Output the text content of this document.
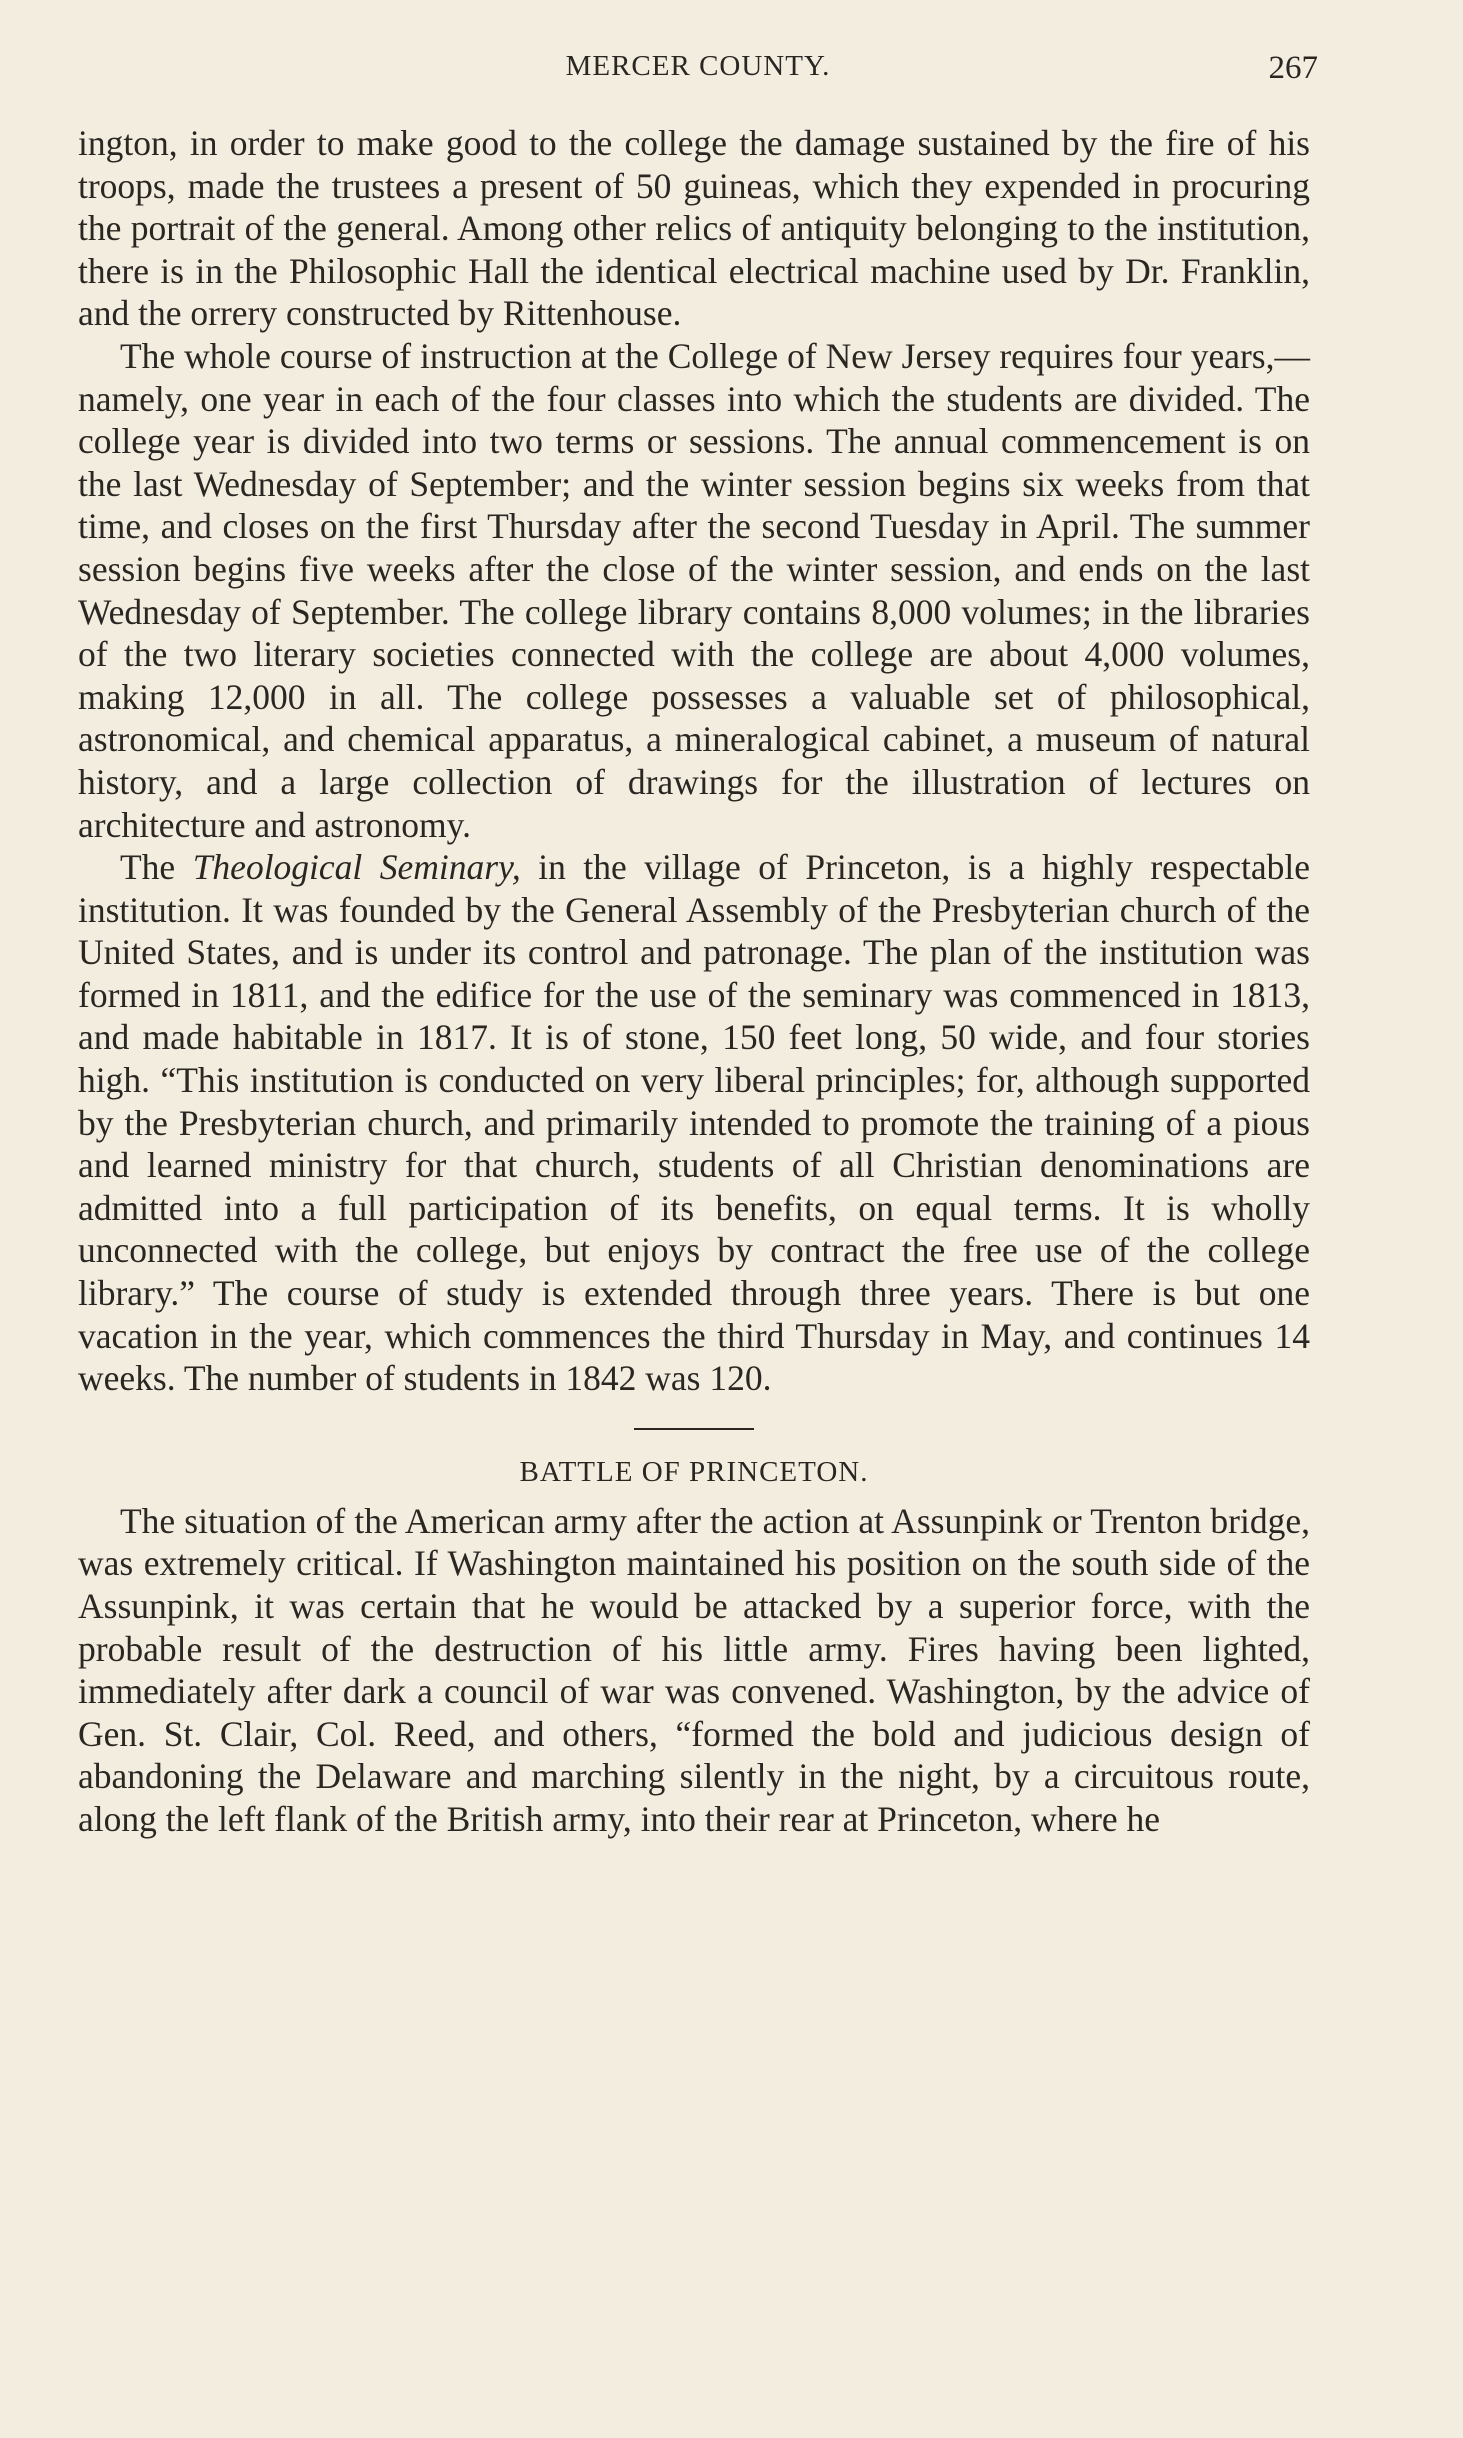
MERCER COUNTY.	267

ington, in order to make good to the college the damage sustained by the fire of his troops, made the trustees a present of 50 guineas, which they expended in procuring the portrait of the general. Among other relics of antiquity belonging to the institution, there is in the Philosophic Hall the identical electrical machine used by Dr. Franklin, and the orrery constructed by Rittenhouse.

The whole course of instruction at the College of New Jersey requires four years,—namely, one year in each of the four classes into which the students are divided. The college year is divided into two terms or sessions. The annual commencement is on the last Wednesday of September; and the winter session begins six weeks from that time, and closes on the first Thursday after the second Tuesday in April. The summer session begins five weeks after the close of the winter session, and ends on the last Wednesday of September. The college library contains 8,000 volumes; in the libraries of the two literary societies connected with the college are about 4,000 volumes, making 12,000 in all. The college possesses a valuable set of philosophical, astronomical, and chemical apparatus, a mineralogical cabinet, a museum of natural history, and a large collection of drawings for the illustration of lectures on architecture and astronomy.

The Theological Seminary, in the village of Princeton, is a highly respectable institution. It was founded by the General Assembly of the Presbyterian church of the United States, and is under its control and patronage. The plan of the institution was formed in 1811, and the edifice for the use of the seminary was commenced in 1813, and made habitable in 1817. It is of stone, 150 feet long, 50 wide, and four stories high. “This institution is conducted on very liberal principles; for, although supported by the Presbyterian church, and primarily intended to promote the training of a pious and learned ministry for that church, students of all Christian denominations are admitted into a full participation of its benefits, on equal terms. It is wholly unconnected with the college, but enjoys by contract the free use of the college library.” The course of study is extended through three years. There is but one vacation in the year, which commences the third Thursday in May, and continues 14 weeks. The number of students in 1842 was 120.

BATTLE OF PRINCETON.

The situation of the American army after the action at Assunpink or Trenton bridge, was extremely critical. If Washington maintained his position on the south side of the Assunpink, it was certain that he would be attacked by a superior force, with the probable result of the destruction of his little army. Fires having been lighted, immediately after dark a council of war was convened. Washington, by the advice of Gen. St. Clair, Col. Reed, and others, “formed the bold and judicious design of abandoning the Delaware and marching silently in the night, by a circuitous route, along the left flank of the British army, into their rear at Princeton, where he
